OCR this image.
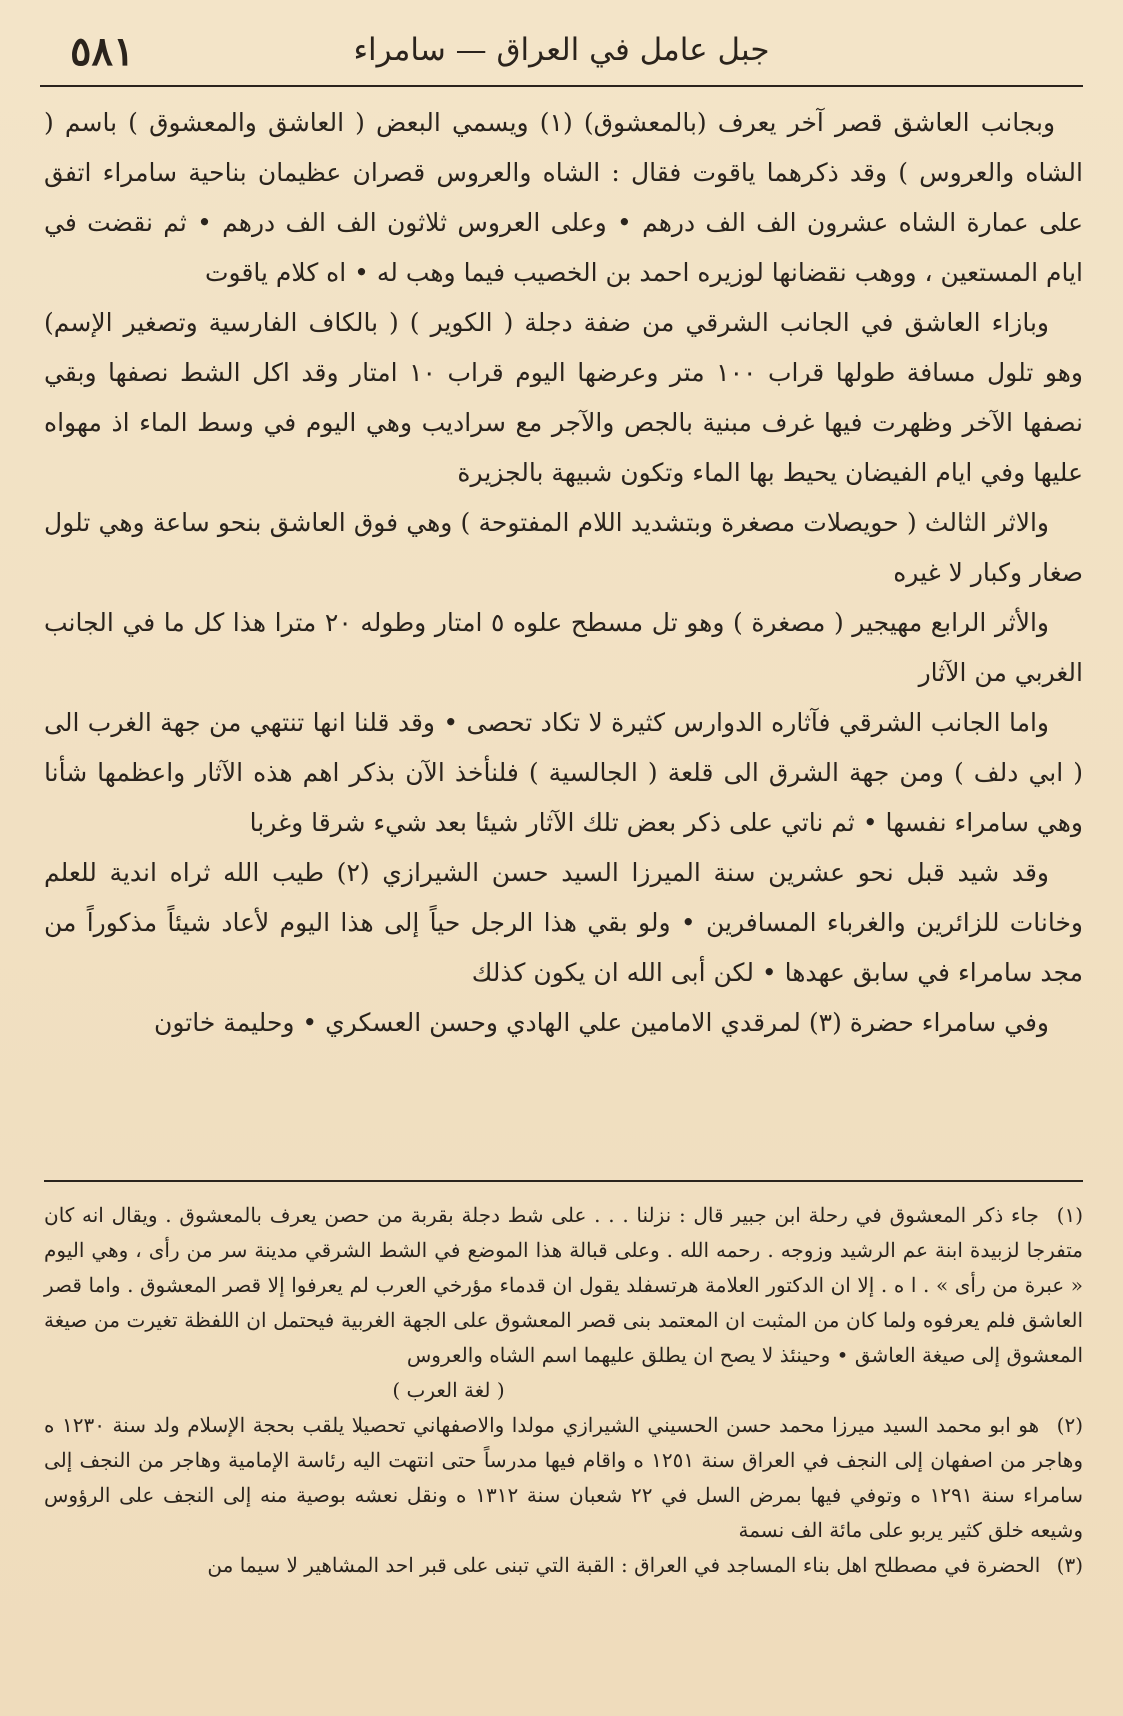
٥٨١	جبل عامل في العراق — سامراء

وبجانب العاشق قصر آخر يعرف (بالمعشوق) (١) ويسمي البعض ( العاشق والمعشوق ) باسم ( الشاه والعروس ) وقد ذكرهما ياقوت فقال : الشاه والعروس قصران عظيمان بناحية سامراء اتفق على عمارة الشاه عشرون الف الف درهم • وعلى العروس ثلاثون الف الف درهم • ثم نقضت في ايام المستعين ، ووهب نقضانها لوزيره احمد بن الخصيب فيما وهب له • اه كلام ياقوت

وبازاء العاشق في الجانب الشرقي من ضفة دجلة ( الكوير ) ( بالكاف الفارسية وتصغير الإسم) وهو تلول مسافة طولها قراب ١٠٠ متر وعرضها اليوم قراب ١٠ امتار وقد اكل الشط نصفها وبقي نصفها الآخر وظهرت فيها غرف مبنية بالجص والآجر مع سراديب وهي اليوم في وسط الماء اذ مهواه عليها وفي ايام الفيضان يحيط بها الماء وتكون شبيهة بالجزيرة

والاثر الثالث ( حويصلات مصغرة وبتشديد اللام المفتوحة ) وهي فوق العاشق بنحو ساعة وهي تلول صغار وكبار لا غيره

والأثر الرابع مهيجير ( مصغرة ) وهو تل مسطح علوه ٥ امتار وطوله ٢٠ مترا هذا كل ما في الجانب الغربي من الآثار

واما الجانب الشرقي فآثاره الدوارس كثيرة لا تكاد تحصى • وقد قلنا انها تنتهي من جهة الغرب الى ( ابي دلف ) ومن جهة الشرق الى قلعة ( الجالسية ) فلنأخذ الآن بذكر اهم هذه الآثار واعظمها شأنا وهي سامراء نفسها • ثم ناتي على ذكر بعض تلك الآثار شيئا بعد شيء شرقا وغربا

وقد شيد قبل نحو عشرين سنة الميرزا السيد حسن الشيرازي (٢) طيب الله ثراه اندية للعلم وخانات للزائرين والغرباء المسافرين • ولو بقي هذا الرجل حياً إلى هذا اليوم لأعاد شيئاً مذكوراً من مجد سامراء في سابق عهدها • لكن أبى الله ان يكون كذلك

وفي سامراء حضرة (٣) لمرقدي الامامين علي الهادي وحسن العسكري • وحليمة خاتون

(١) جاء ذكر المعشوق في رحلة ابن جبير قال : نزلنا . . . على شط دجلة بقربة من حصن يعرف بالمعشوق . ويقال انه كان متفرجا لزبيدة ابنة عم الرشيد وزوجه . رحمه الله . وعلى قبالة هذا الموضع في الشط الشرقي مدينة سر من رأى ، وهي اليوم « عبرة من رأى » . ا ه . إلا ان الدكتور العلامة هرتسفلد يقول ان قدماء مؤرخي العرب لم يعرفوا إلا قصر المعشوق . واما قصر العاشق فلم يعرفوه ولما كان من المثبت ان المعتمد بنى قصر المعشوق على الجهة الغربية فيحتمل ان اللفظة تغيرت من صيغة المعشوق إلى صيغة العاشق • وحينئذ لا يصح ان يطلق عليهما اسم الشاه والعروس
( لغة العرب )

(٢) هو ابو محمد السيد ميرزا محمد حسن الحسيني الشيرازي مولدا والاصفهاني تحصيلا يلقب بحجة الإسلام ولد سنة ١٢٣٠ ه وهاجر من اصفهان إلى النجف في العراق سنة ١٢٥١ ه واقام فيها مدرساً حتى انتهت اليه رئاسة الإمامية وهاجر من النجف إلى سامراء سنة ١٢٩١ ه وتوفي فيها بمرض السل في ٢٢ شعبان سنة ١٣١٢ ه ونقل نعشه بوصية منه إلى النجف على الرؤوس وشيعه خلق كثير يربو على مائة الف نسمة

(٣) الحضرة في مصطلح اهل بناء المساجد في العراق : القبة التي تبنى على قبر احد المشاهير لا سيما من
